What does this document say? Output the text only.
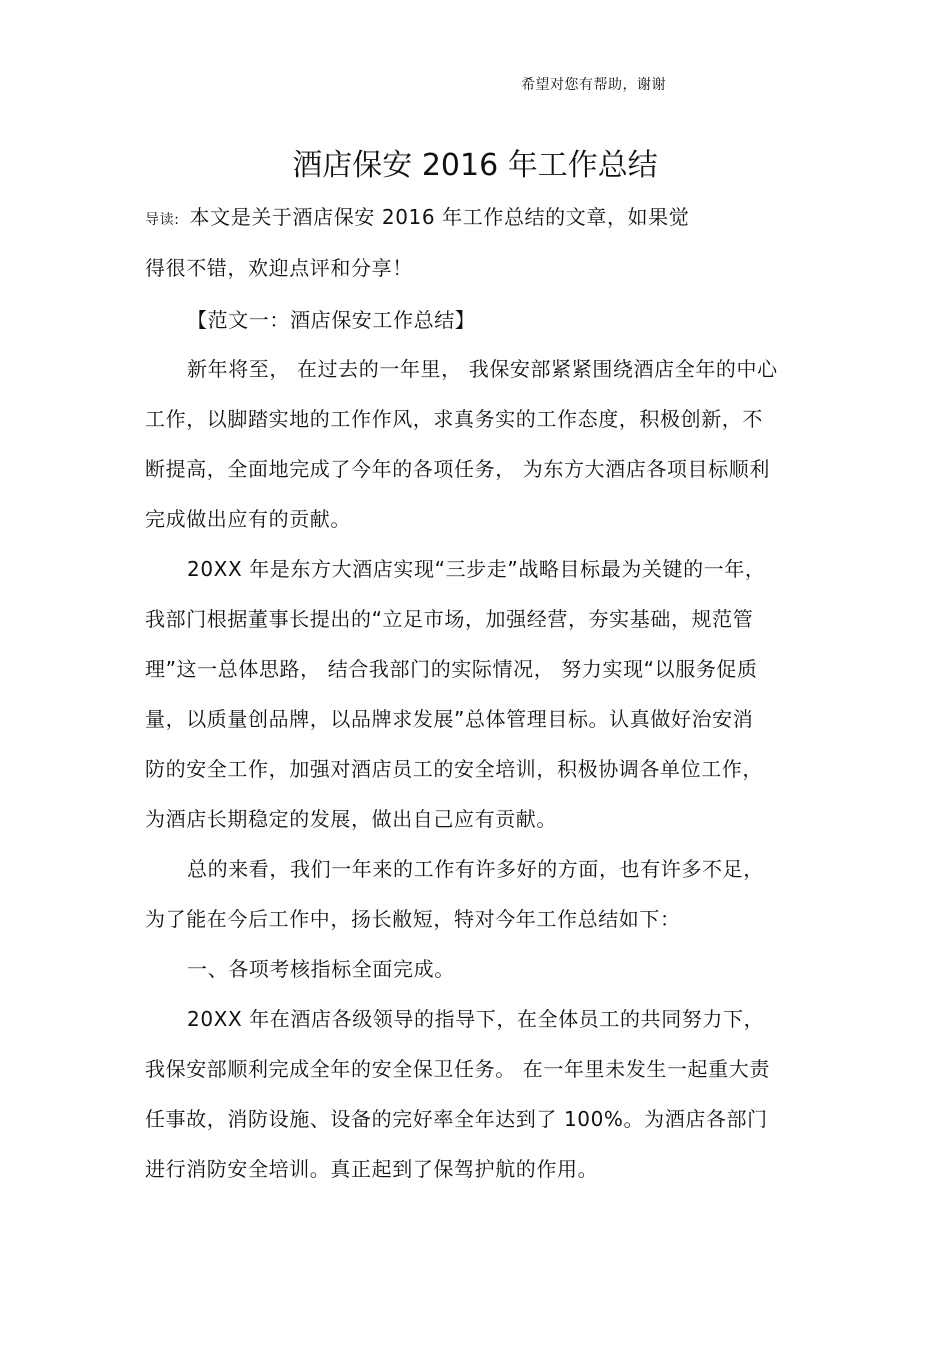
希望对您有帮助，谢谢
酒店保安 2016 年工作总结
导读: 本文是关于酒店保安 2016 年工作总结的文章，如果觉
得很不错，欢迎点评和分享！
【范文一：酒店保安工作总结】
新年将至， 在过去的一年里， 我保安部紧紧围绕酒店全年的中心
工作，以脚踏实地的工作作风，求真务实的工作态度，积极创新，不
断提高，全面地完成了今年的各项任务， 为东方大酒店各项目标顺利
完成做出应有的贡献。
20XX 年是东方大酒店实现“三步走”战略目标最为关键的一年，
我部门根据董事长提出的“立足市场，加强经营，夯实基础，规范管
理”这一总体思路， 结合我部门的实际情况， 努力实现“以服务促质
量，以质量创品牌，以品牌求发展”总体管理目标。认真做好治安消
防的安全工作，加强对酒店员工的安全培训，积极协调各单位工作，
为酒店长期稳定的发展，做出自己应有贡献。
总的来看，我们一年来的工作有许多好的方面，也有许多不足，
为了能在今后工作中，扬长敝短，特对今年工作总结如下：
一、各项考核指标全面完成。
20XX 年在酒店各级领导的指导下，在全体员工的共同努力下，
我保安部顺利完成全年的安全保卫任务。 在一年里未发生一起重大责
任事故，消防设施、设备的完好率全年达到了 100%。为酒店各部门
进行消防安全培训。真正起到了保驾护航的作用。
